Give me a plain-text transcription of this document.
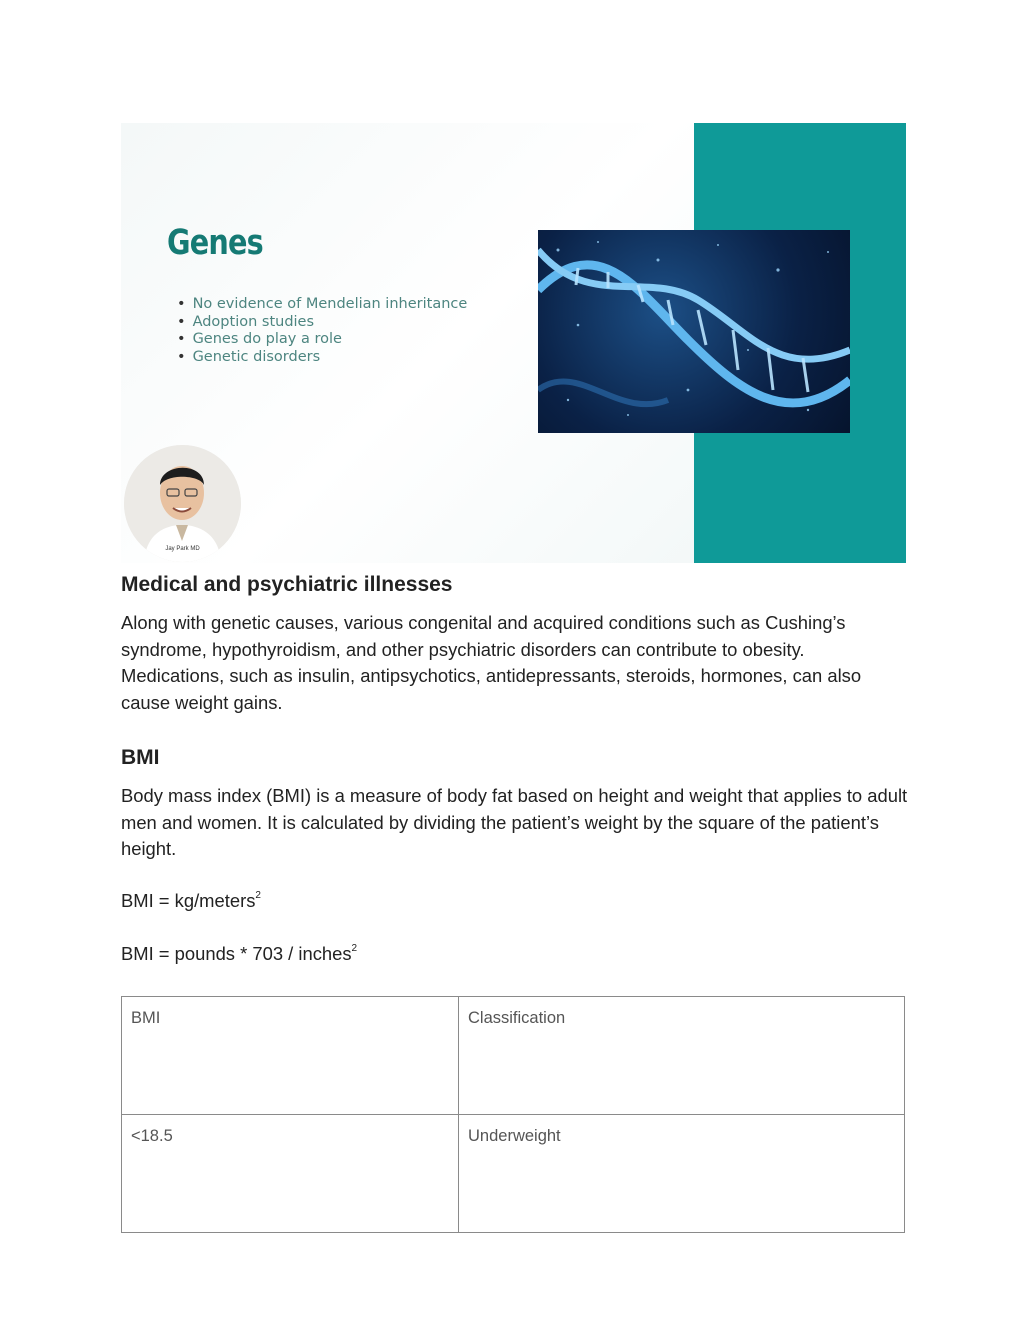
Genes
• No evidence of Mendelian inheritance
• Adoption studies
• Genes do play a role
• Genetic disorders
Jay Park MD
Medical and psychiatric illnesses

Along with genetic causes, various congenital and acquired conditions such as Cushing’s syndrome, hypothyroidism, and other psychiatric disorders can contribute to obesity. Medications, such as insulin, antipsychotics, antidepressants, steroids, hormones, can also cause weight gains.

BMI

Body mass index (BMI) is a measure of body fat based on height and weight that applies to adult men and women. It is calculated by dividing the patient’s weight by the square of the patient’s height.

BMI = kg/meters$^2$

BMI = pounds * 703 / inches$^2$

BMI	Classification
<18.5	Underweight
